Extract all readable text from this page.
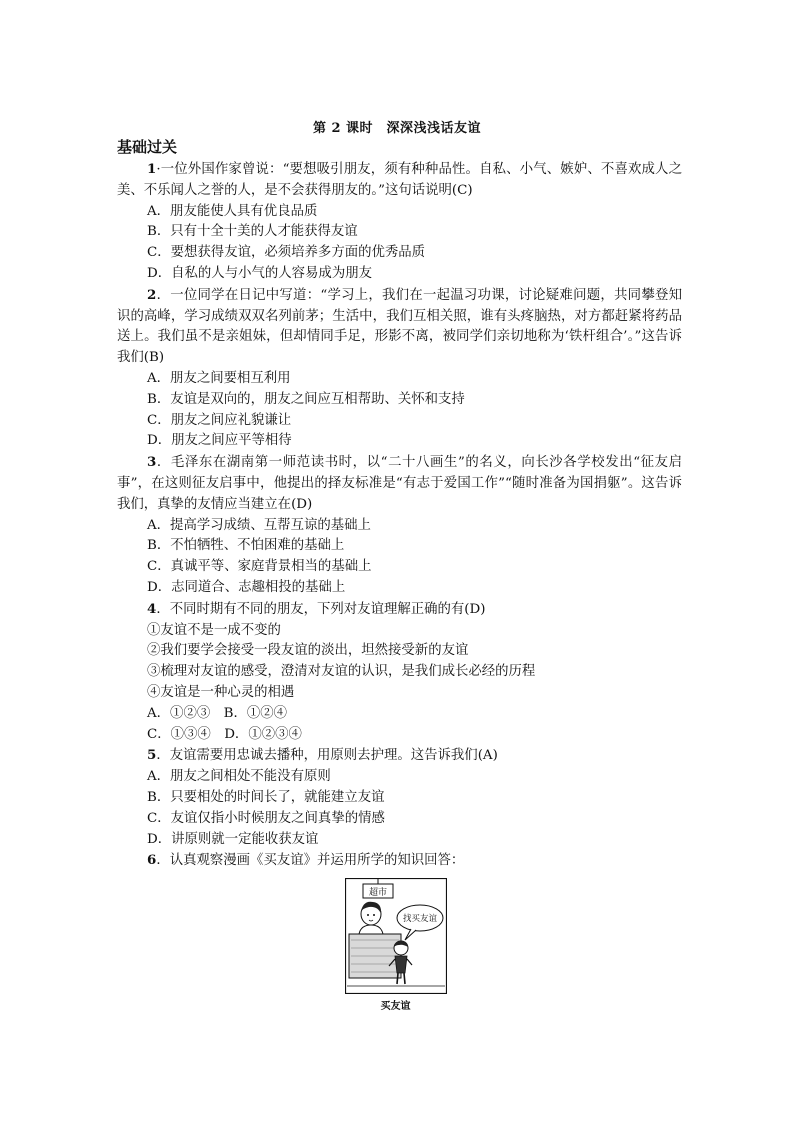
第 2 课时　深深浅浅话友谊
基础过关

1·一位外国作家曾说：“要想吸引朋友，须有种种品性。自私、小气、嫉妒、不喜欢成人之美、不乐闻人之誉的人，是不会获得朋友的。”这句话说明(C)

A．朋友能使人具有优良品质

B．只有十全十美的人才能获得友谊

C．要想获得友谊，必须培养多方面的优秀品质

D．自私的人与小气的人容易成为朋友

2．一位同学在日记中写道：“学习上，我们在一起温习功课，讨论疑难问题，共同攀登知识的高峰，学习成绩双双名列前茅；生活中，我们互相关照，谁有头疼脑热，对方都赶紧将药品送上。我们虽不是亲姐妹，但却情同手足，形影不离，被同学们亲切地称为‘铁杆组合’。”这告诉我们(B)

A．朋友之间要相互利用

B．友谊是双向的，朋友之间应互相帮助、关怀和支持

C．朋友之间应礼貌谦让

D．朋友之间应平等相待

3．毛泽东在湖南第一师范读书时，以“二十八画生”的名义，向长沙各学校发出“征友启事”，在这则征友启事中，他提出的择友标准是“有志于爱国工作”“随时准备为国捐躯”。这告诉我们，真挚的友情应当建立在(D)

A．提高学习成绩、互帮互谅的基础上

B．不怕牺牲、不怕困难的基础上

C．真诚平等、家庭背景相当的基础上

D．志同道合、志趣相投的基础上

4．不同时期有不同的朋友，下列对友谊理解正确的有(D)

①友谊不是一成不变的

②我们要学会接受一段友谊的淡出，坦然接受新的友谊

③梳理对友谊的感受，澄清对友谊的认识，是我们成长必经的历程

④友谊是一种心灵的相遇

A．①②③　B．①②④

C．①③④　D．①②③④

5．友谊需要用忠诚去播种，用原则去护理。这告诉我们(A)

A．朋友之间相处不能没有原则

B．只要相处的时间长了，就能建立友谊

C．友谊仅指小时候朋友之间真挚的情感

D．讲原则就一定能收获友谊

6．认真观察漫画《买友谊》并运用所学的知识回答：

超市
找买友谊
买友谊
